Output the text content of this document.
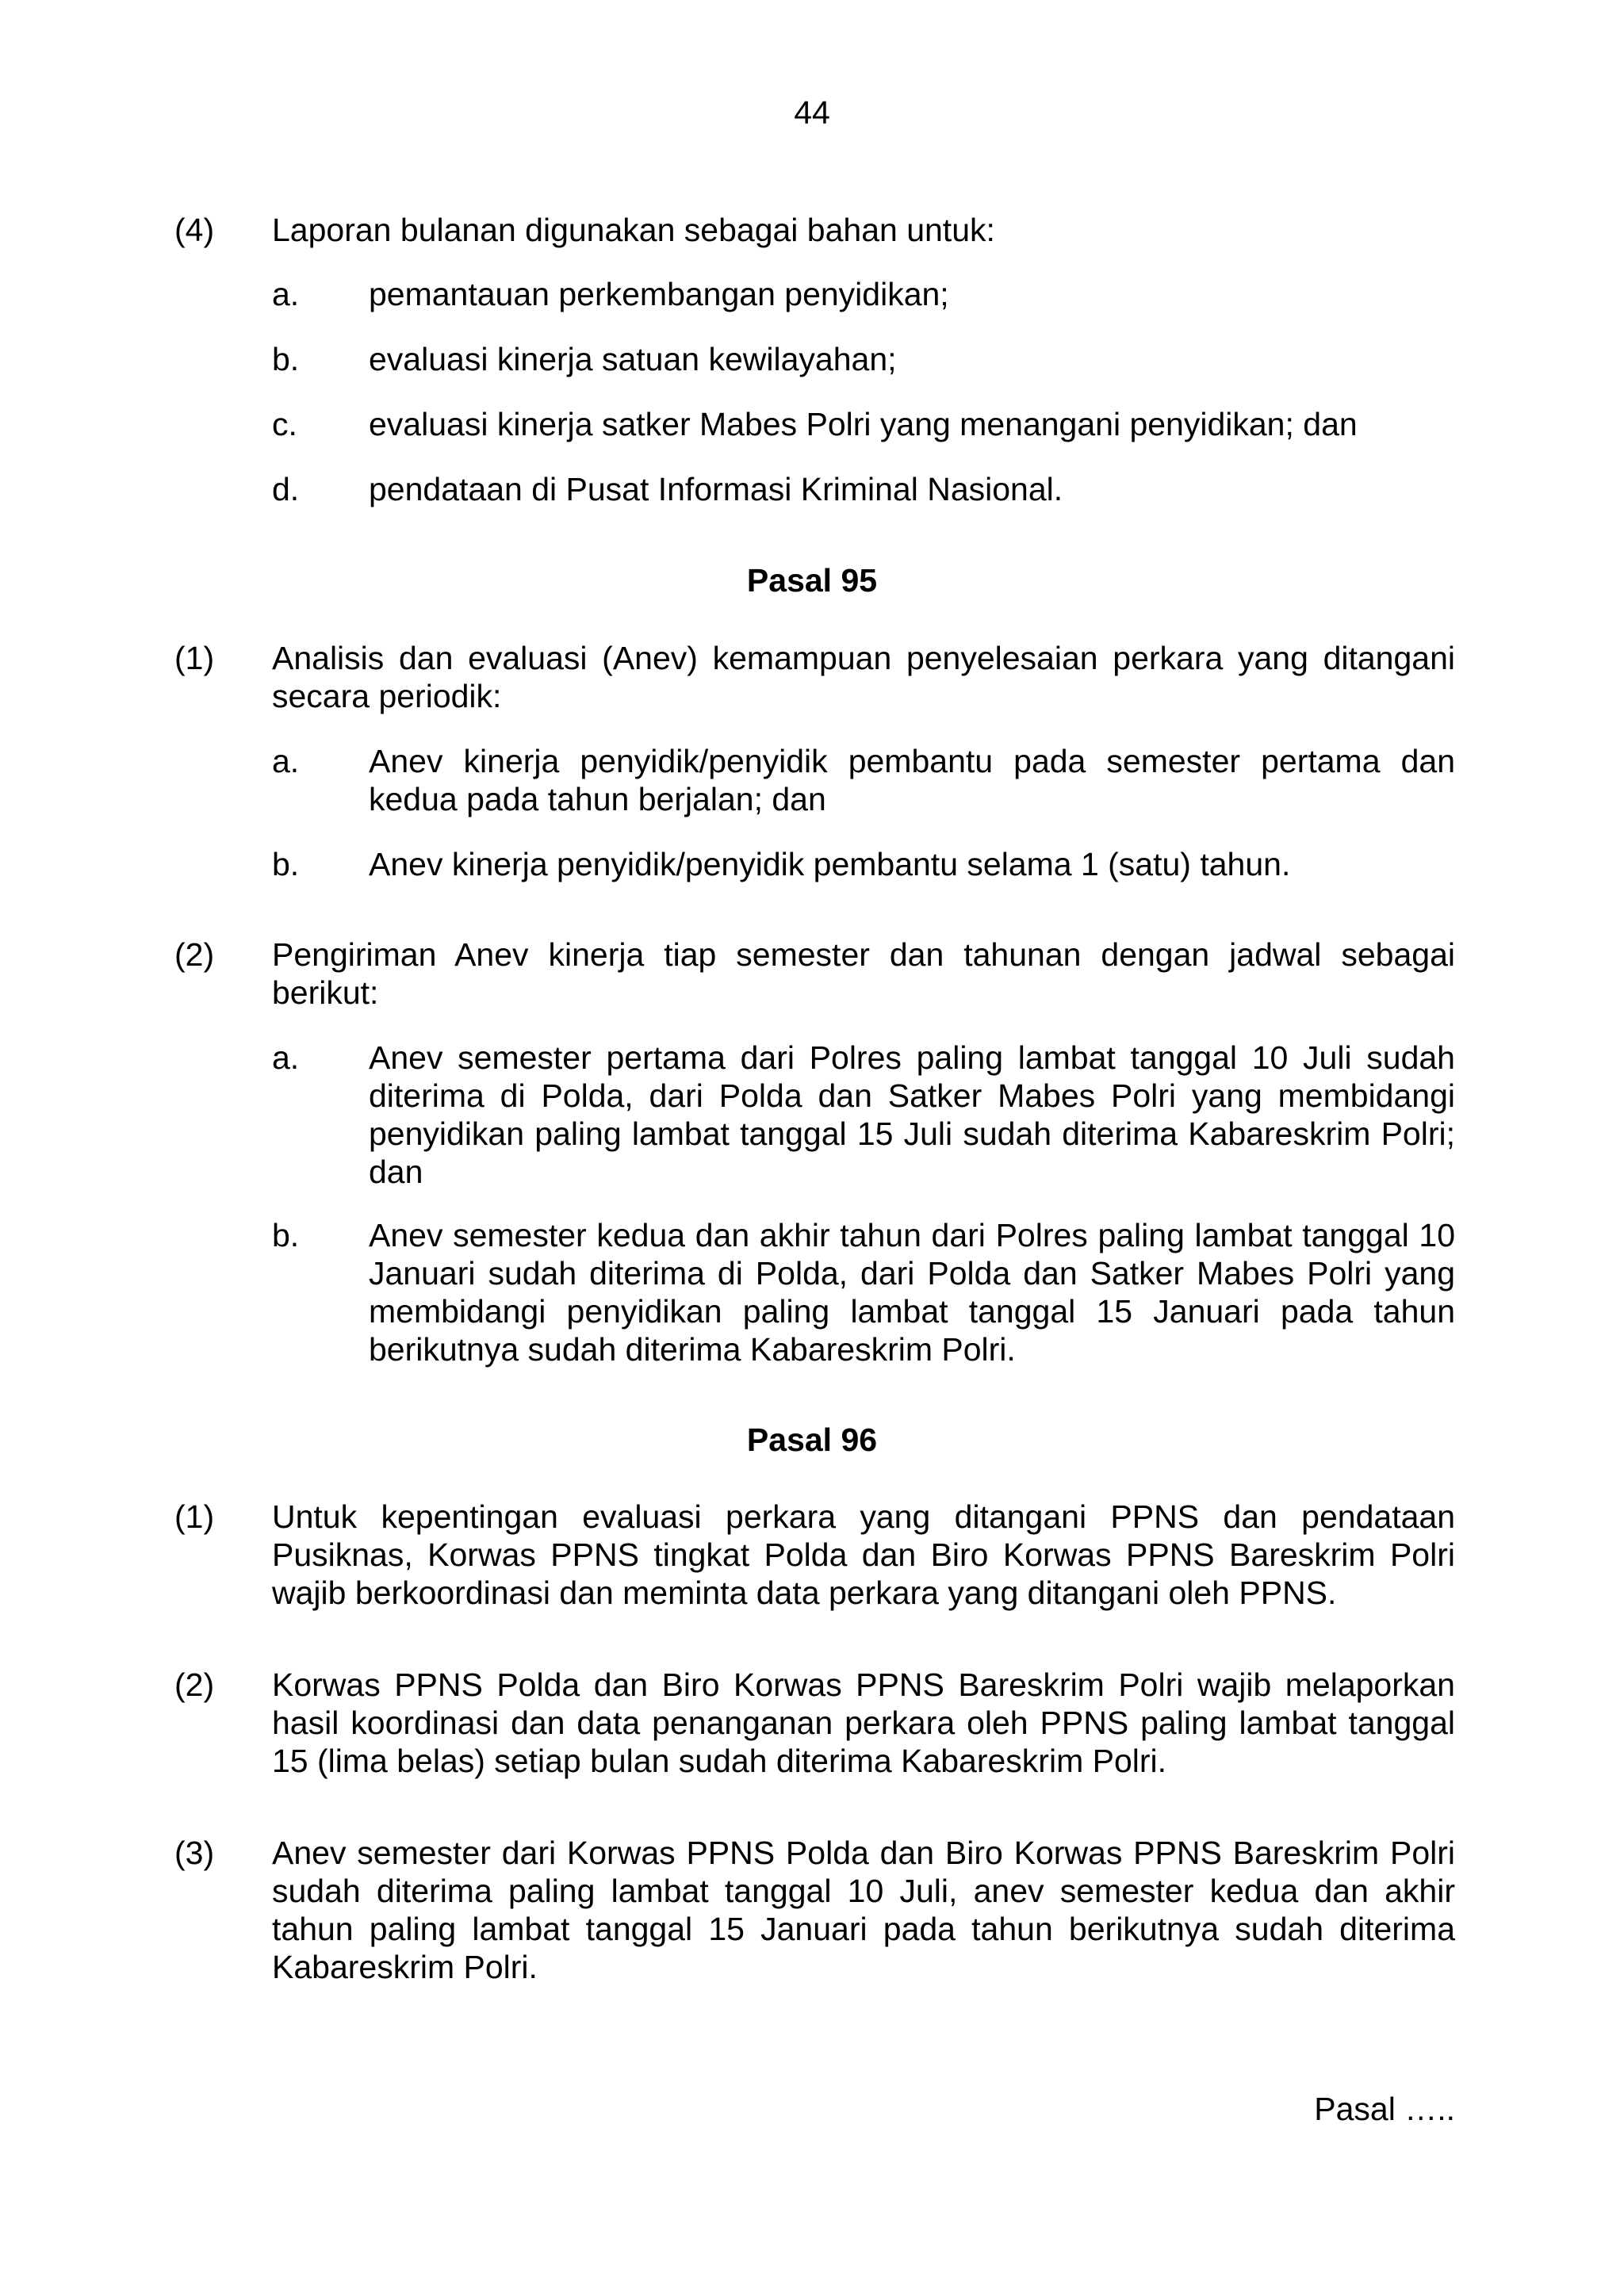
44
(4)	Laporan bulanan digunakan sebagai bahan untuk:
a.	pemantauan perkembangan penyidikan;
b.	evaluasi kinerja satuan kewilayahan;
c.	evaluasi kinerja satker Mabes Polri yang menangani penyidikan; dan
d.	pendataan di Pusat Informasi Kriminal Nasional.
Pasal 95
(1)	Analisis dan evaluasi (Anev) kemampuan penyelesaian perkara yang ditangani secara periodik:
a.	Anev kinerja penyidik/penyidik pembantu pada semester pertama dan kedua pada tahun berjalan; dan
b.	Anev kinerja penyidik/penyidik pembantu selama 1 (satu) tahun.
(2)	Pengiriman Anev kinerja tiap semester dan tahunan dengan jadwal sebagai berikut:
a.	Anev semester pertama dari Polres paling lambat tanggal 10 Juli sudah diterima di Polda, dari Polda dan Satker Mabes Polri yang membidangi penyidikan paling lambat tanggal 15 Juli sudah diterima Kabareskrim Polri; dan
b.	Anev semester kedua dan akhir tahun dari Polres paling lambat tanggal 10 Januari sudah diterima di Polda, dari Polda dan Satker Mabes Polri yang membidangi penyidikan paling lambat tanggal 15 Januari pada tahun berikutnya sudah diterima Kabareskrim Polri.
Pasal 96
(1)	Untuk kepentingan evaluasi perkara yang ditangani PPNS dan pendataan Pusiknas, Korwas PPNS tingkat Polda dan Biro Korwas PPNS Bareskrim Polri wajib berkoordinasi dan meminta data perkara yang ditangani oleh PPNS.
(2)	Korwas PPNS Polda dan Biro Korwas PPNS Bareskrim Polri wajib melaporkan hasil koordinasi dan data penanganan perkara oleh PPNS paling lambat tanggal 15 (lima belas) setiap bulan sudah diterima Kabareskrim Polri.
(3)	Anev semester dari Korwas PPNS Polda dan Biro Korwas PPNS Bareskrim Polri sudah diterima paling lambat tanggal 10 Juli, anev semester kedua dan akhir tahun paling lambat tanggal 15 Januari pada tahun berikutnya sudah diterima Kabareskrim Polri.
Pasal …..
